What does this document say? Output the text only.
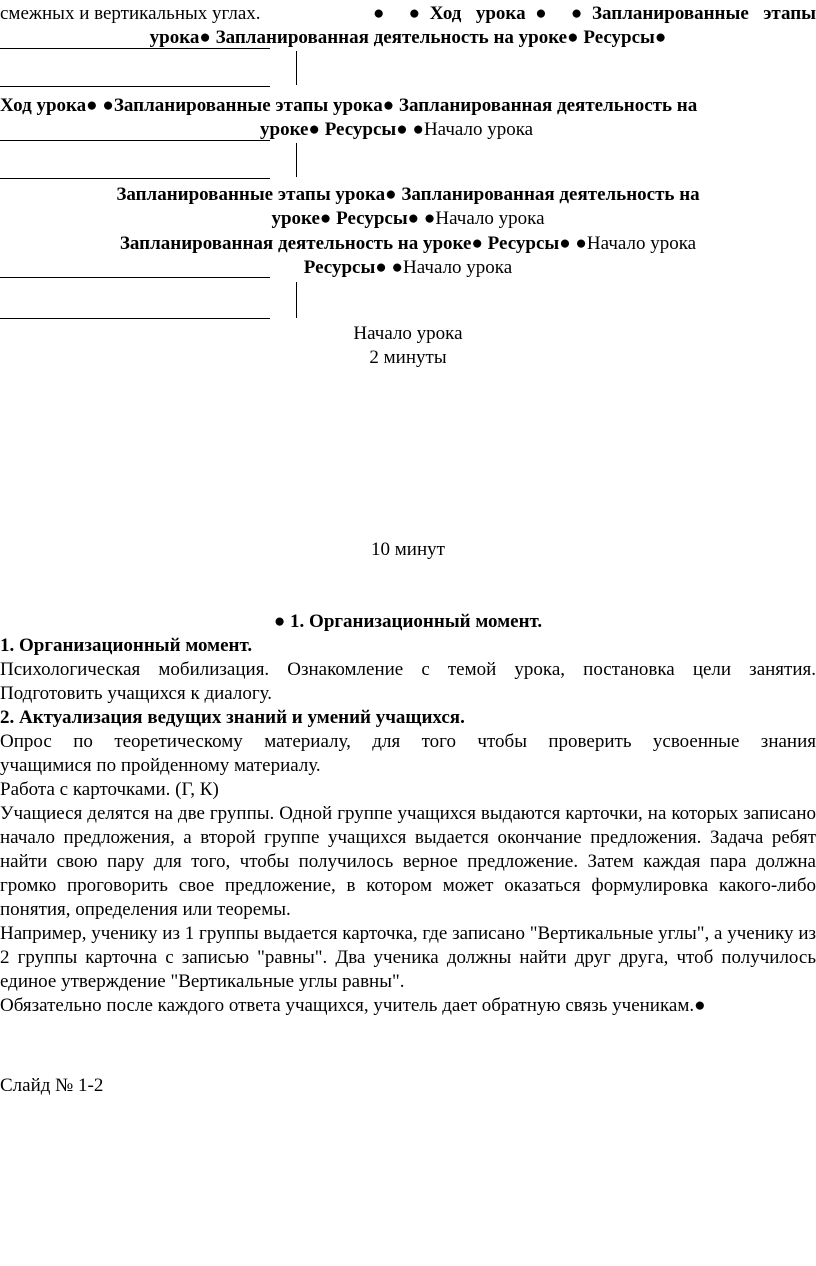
смежных и вертикальных углах.	● ●Ход урока● ●Запланированные этапы
урока● Запланированная деятельность на уроке● Ресурсы●
Ход урока● ●Запланированные этапы урока● Запланированная деятельность на
уроке● Ресурсы● ●Начало урока
Запланированные этапы урока● Запланированная деятельность на
уроке● Ресурсы● ●Начало урока
Запланированная деятельность на уроке● Ресурсы● ●Начало урока
Ресурсы● ●Начало урока
Начало урока
2 минуты
10 минут
● 1. Организационный момент.
1. Организационный момент.
Психологическая мобилизация. Ознакомление с темой урока, постановка цели занятия.
Подготовить учащихся к диалогу.
2. Актуализация ведущих знаний и умений учащихся.
Опрос по теоретическому материалу, для того чтобы проверить усвоенные знания
учащимися по пройденному материалу.
Работа с карточками. (Г, К)

Учащиеся делятся на две группы. Одной группе учащихся выдаются карточки, на которых записано начало предложения, а второй группе учащихся выдается окончание предложения. Задача ребят найти свою пару для того, чтобы получилось верное предложение. Затем каждая пара должна громко проговорить свое предложение, в котором может оказаться формулировка какого-либо понятия, определения или теоремы.

Например, ученику из 1 группы выдается карточка, где записано "Вертикальные углы", а ученику из 2 группы карточна с записью "равны". Два ученика должны найти друг друга, чтоб получилось единое утверждение "Вертикальные углы равны".

Обязательно после каждого ответа учащихся, учитель дает обратную связь ученикам.●

Слайд № 1-2
